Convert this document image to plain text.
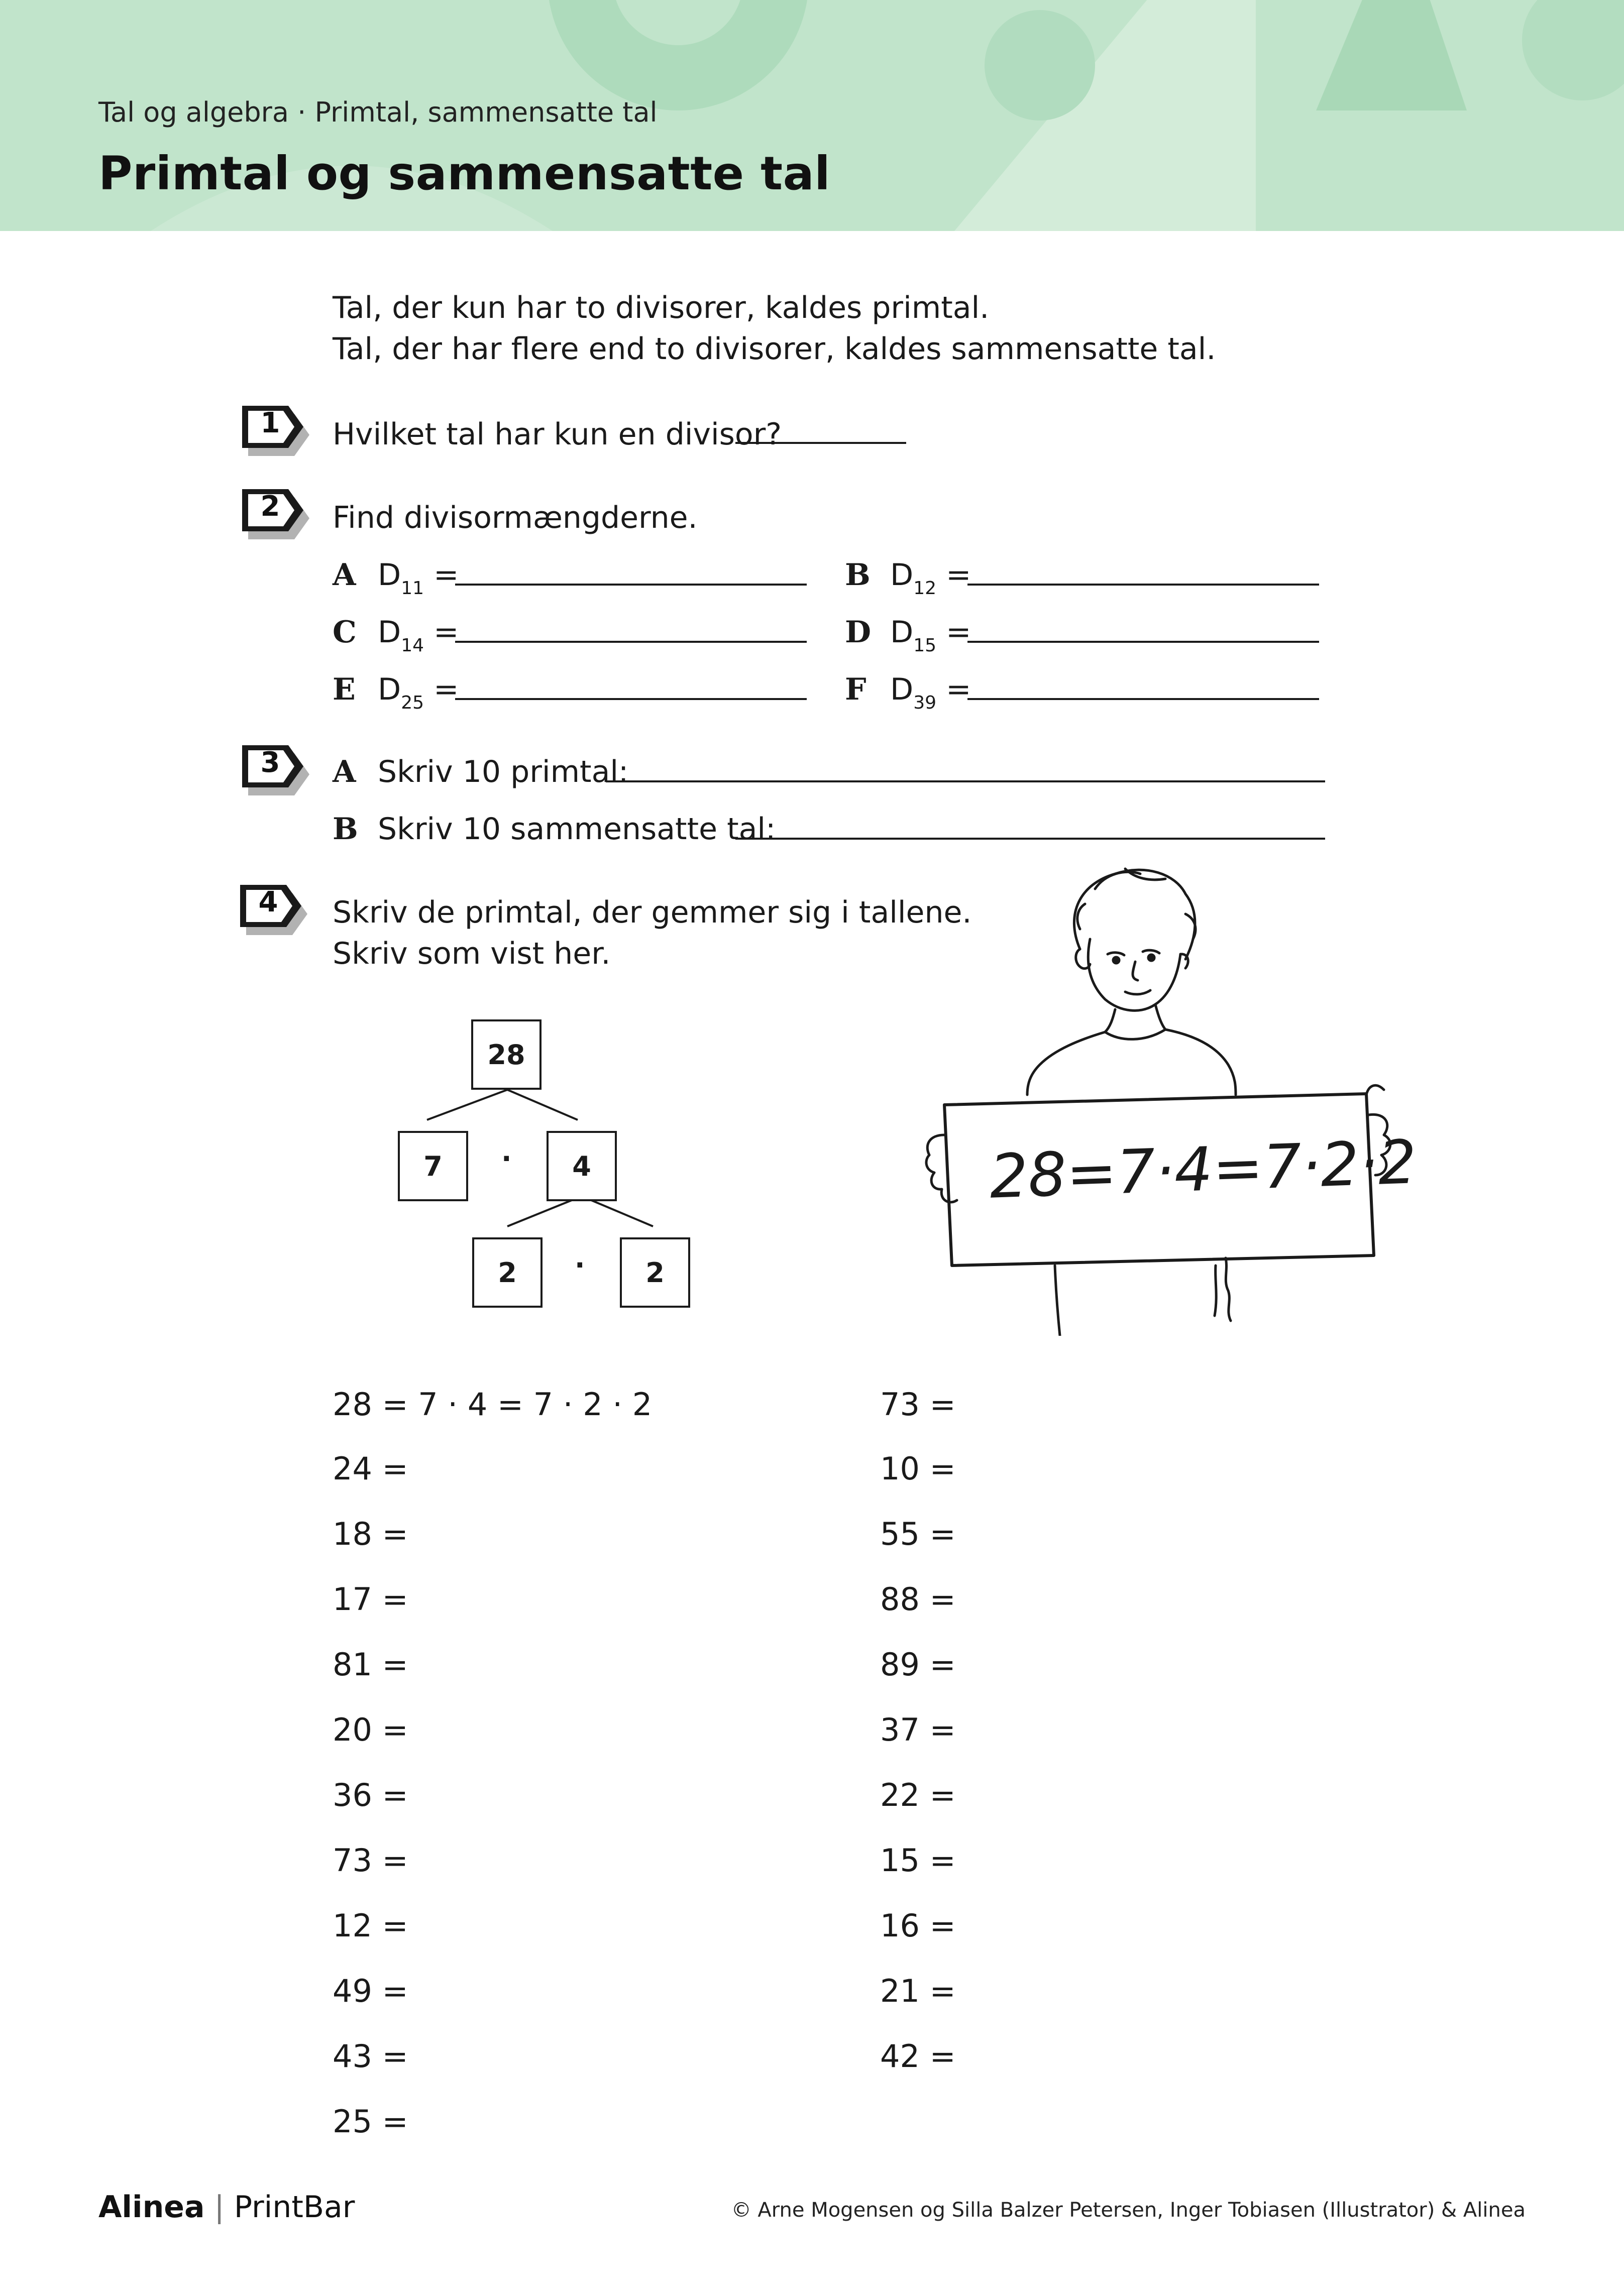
Tal og algebra · Primtal, sammensatte tal
Primtal og sammensatte tal
Tal, der kun har to divisorer, kaldes primtal.
Tal, der har flere end to divisorer, kaldes sammensatte tal.
1	Hvilket tal har kun en divisor?
2	Find divisormængderne.
A $D_{11}$ =	B $D_{12}$ =
C $D_{14}$ =	D $D_{15}$ =
E $D_{25}$ =	F $D_{39}$ =
3	A Skriv 10 primtal:
B Skriv 10 sammensatte tal:
4	Skriv de primtal, der gemmer sig i tallene.
Skriv som vist her.
28
7	·	4
2	·	2
28=7·4=7·2·2
28 = 7 · 4 = 7 · 2 · 2
24 =
18 =
17 =
81 =
20 =
36 =
73 =
12 =
49 =
43 =
25 =
73 =
10 =
55 =
88 =
89 =
37 =
22 =
15 =
16 =
21 =
42 =
Alinea | PrintBar	© Arne Mogensen og Silla Balzer Petersen, Inger Tobiasen (Illustrator) & Alinea
